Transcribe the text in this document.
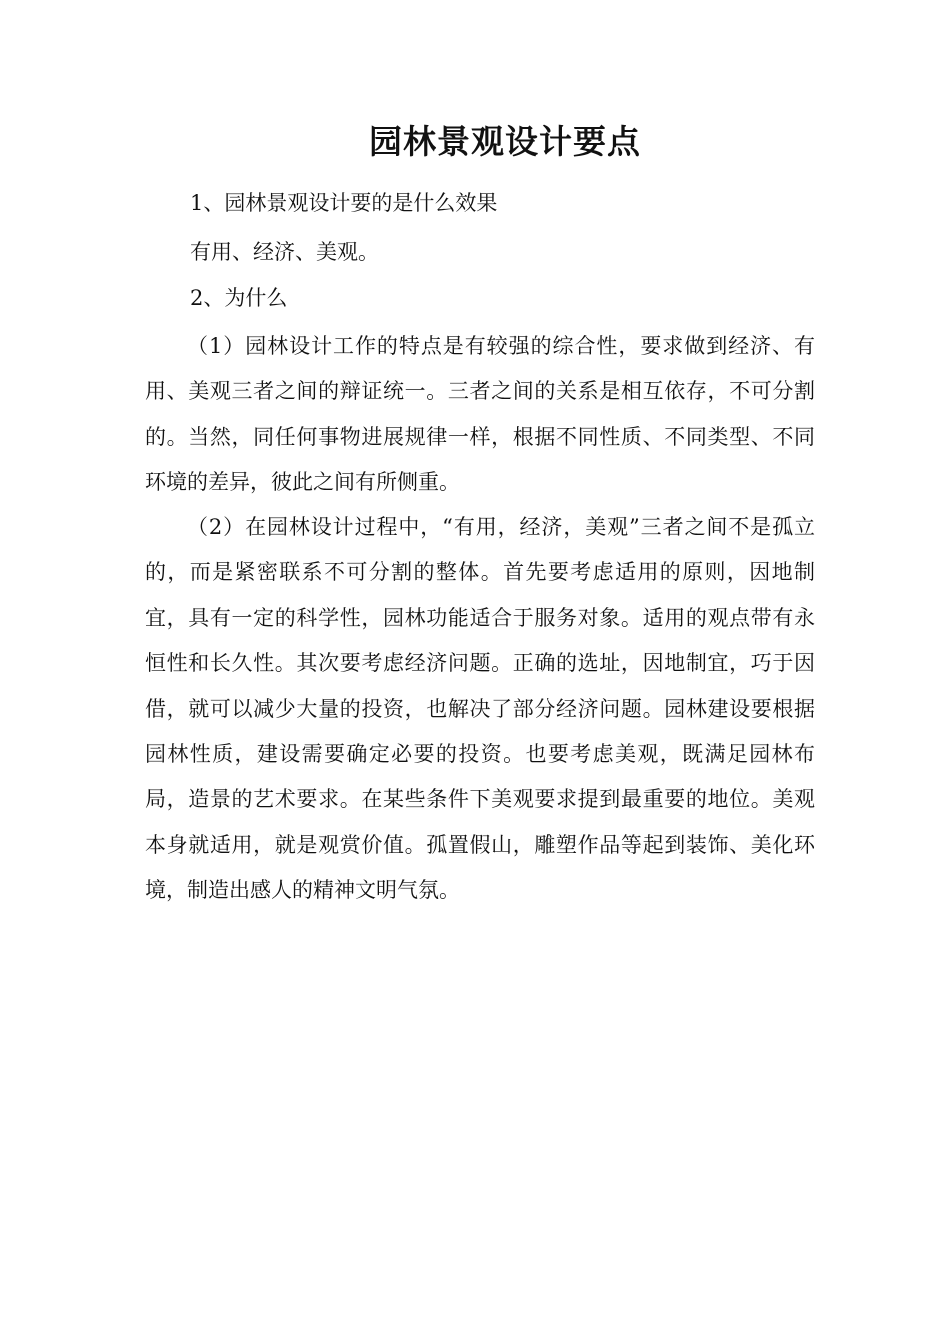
园林景观设计要点
1、园林景观设计要的是什么效果
有用、经济、美观。
2、为什么

（1）园林设计工作的特点是有较强的综合性，要求做到经济、有用、美观三者之间的辩证统一。三者之间的关系是相互依存，不可分割的。当然，同任何事物进展规律一样，根据不同性质、不同类型、不同环境的差异，彼此之间有所侧重。

（2）在园林设计过程中，“有用，经济，美观”三者之间不是孤立的，而是紧密联系不可分割的整体。首先要考虑适用的原则，因地制宜，具有一定的科学性，园林功能适合于服务对象。适用的观点带有永恒性和长久性。其次要考虑经济问题。正确的选址，因地制宜，巧于因借，就可以减少大量的投资，也解决了部分经济问题。园林建设要根据园林性质，建设需要确定必要的投资。也要考虑美观，既满足园林布局，造景的艺术要求。在某些条件下美观要求提到最重要的地位。美观本身就适用，就是观赏价值。孤置假山，雕塑作品等起到装饰、美化环境，制造出感人的精神文明气氛。
